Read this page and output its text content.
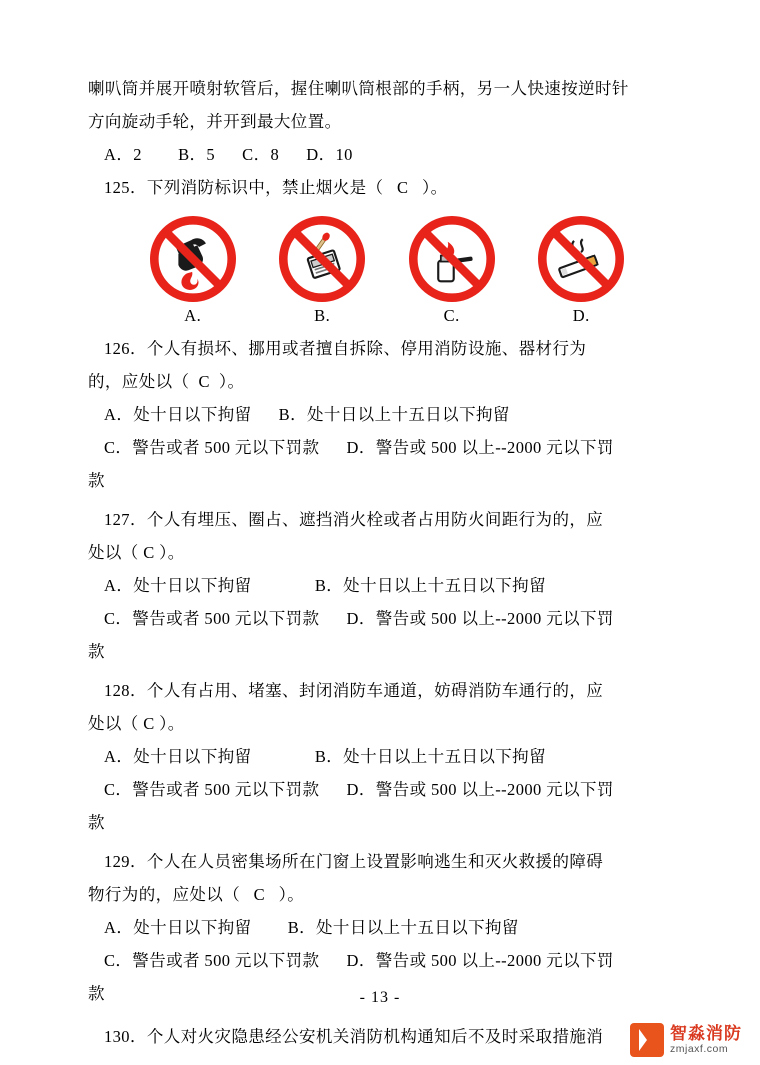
喇叭筒并展开喷射软管后，握住喇叭筒根部的手柄，另一人快速按逆时针
方向旋动手轮，并开到最大位置。
A．2        B．5      C．8      D．10
125．下列消防标识中，禁止烟火是（   C   ）。
A.	B.	C.	D.
126．个人有损坏、挪用或者擅自拆除、停用消防设施、器材行为
的，应处以（  C  ）。
A．处十日以下拘留      B．处十日以上十五日以下拘留
C．警告或者 500 元以下罚款      D．警告或 500 以上--2000 元以下罚
款
127．个人有埋压、圈占、遮挡消火栓或者占用防火间距行为的，应
处以（ C ）。
A．处十日以下拘留              B．处十日以上十五日以下拘留
C．警告或者 500 元以下罚款      D．警告或 500 以上--2000 元以下罚
款
128．个人有占用、堵塞、封闭消防车通道，妨碍消防车通行的，应
处以（ C ）。
A．处十日以下拘留              B．处十日以上十五日以下拘留
C．警告或者 500 元以下罚款      D．警告或 500 以上--2000 元以下罚
款
129．个人在人员密集场所在门窗上设置影响逃生和灭火救援的障碍
物行为的，应处以（   C   ）。
A．处十日以下拘留        B．处十日以上十五日以下拘留
C．警告或者 500 元以下罚款      D．警告或 500 以上--2000 元以下罚
款
130．个人对火灾隐患经公安机关消防机构通知后不及时采取措施消
- 13 -
智淼消防
zmjaxf.com
